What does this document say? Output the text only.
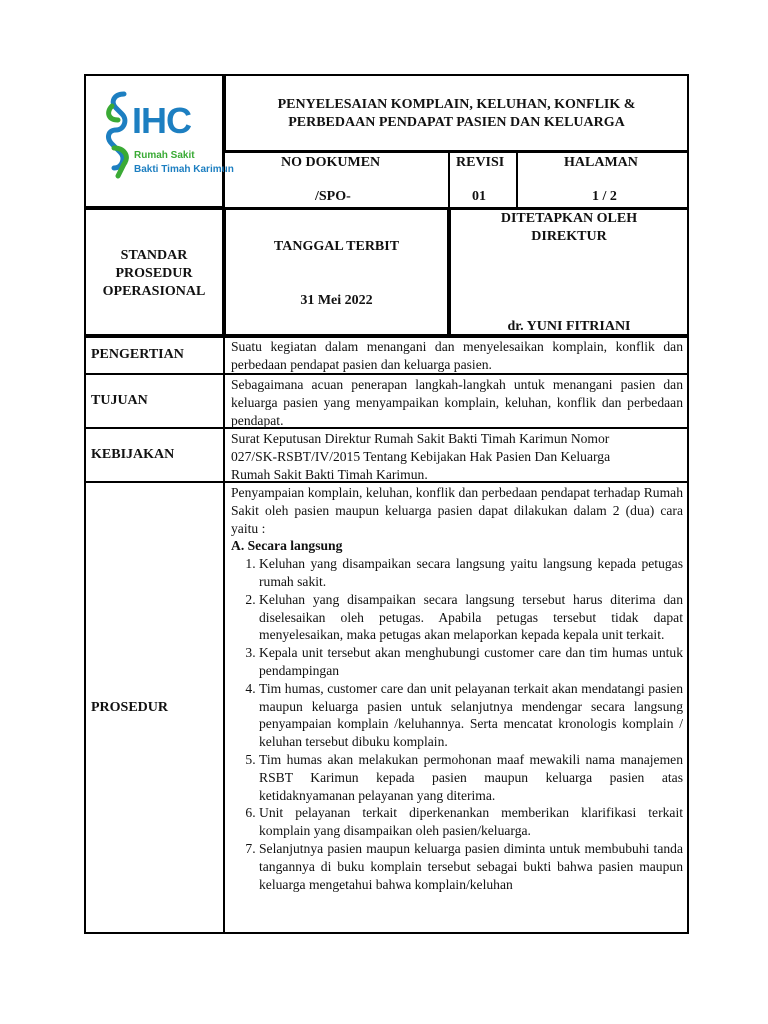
IHC
Rumah Sakit
Bakti Timah Karimun
PENYELESAIAN KOMPLAIN, KELUHAN, KONFLIK &
PERBEDAAN PENDAPAT PASIEN DAN KELUARGA
NO DOKUMEN
/SPO-
REVISI
01
HALAMAN
1 / 2
STANDAR
PROSEDUR
OPERASIONAL
TANGGAL TERBIT
31 Mei 2022
DITETAPKAN OLEH
DIREKTUR
dr. YUNI FITRIANI
PENGERTIAN

Suatu kegiatan dalam menangani dan menyelesaikan komplain, konflik dan perbedaan pendapat pasien dan keluarga pasien.

TUJUAN

Sebagaimana acuan penerapan langkah-langkah untuk menangani pasien dan keluarga pasien yang menyampaikan komplain, keluhan, konflik dan perbedaan pendapat.

KEBIJAKAN
Surat Keputusan Direktur Rumah Sakit Bakti Timah Karimun Nomor
027/SK-RSBT/IV/2015 Tentang Kebijakan Hak Pasien Dan Keluarga
Rumah Sakit Bakti Timah Karimun.
PROSEDUR

Penyampaian komplain, keluhan, konflik dan perbedaan pendapat terhadap Rumah Sakit oleh pasien maupun keluarga pasien dapat dilakukan dalam 2 (dua) cara yaitu :

A. Secara langsung
1. Keluhan yang disampaikan secara langsung yaitu langsung kepada petugas rumah sakit.
2. Keluhan yang disampaikan secara langsung tersebut harus diterima dan diselesaikan oleh petugas. Apabila petugas tersebut tidak dapat menyelesaikan, maka petugas akan melaporkan kepada kepala unit terkait.
3. Kepala unit tersebut akan menghubungi customer care dan tim humas untuk pendampingan
4. Tim humas, customer care dan unit pelayanan terkait akan mendatangi pasien maupun keluarga pasien untuk selanjutnya mendengar secara langsung penyampaian komplain /keluhannya. Serta mencatat kronologis komplain / keluhan tersebut dibuku komplain.
5. Tim humas akan melakukan permohonan maaf mewakili nama manajemen RSBT Karimun kepada pasien maupun keluarga pasien atas ketidaknyamanan pelayanan yang diterima.
6. Unit pelayanan terkait diperkenankan memberikan klarifikasi terkait komplain yang disampaikan oleh pasien/keluarga.
7. Selanjutnya pasien maupun keluarga pasien diminta untuk membubuhi tanda tangannya di buku komplain tersebut sebagai bukti bahwa pasien maupun keluarga mengetahui bahwa komplain/keluhan
